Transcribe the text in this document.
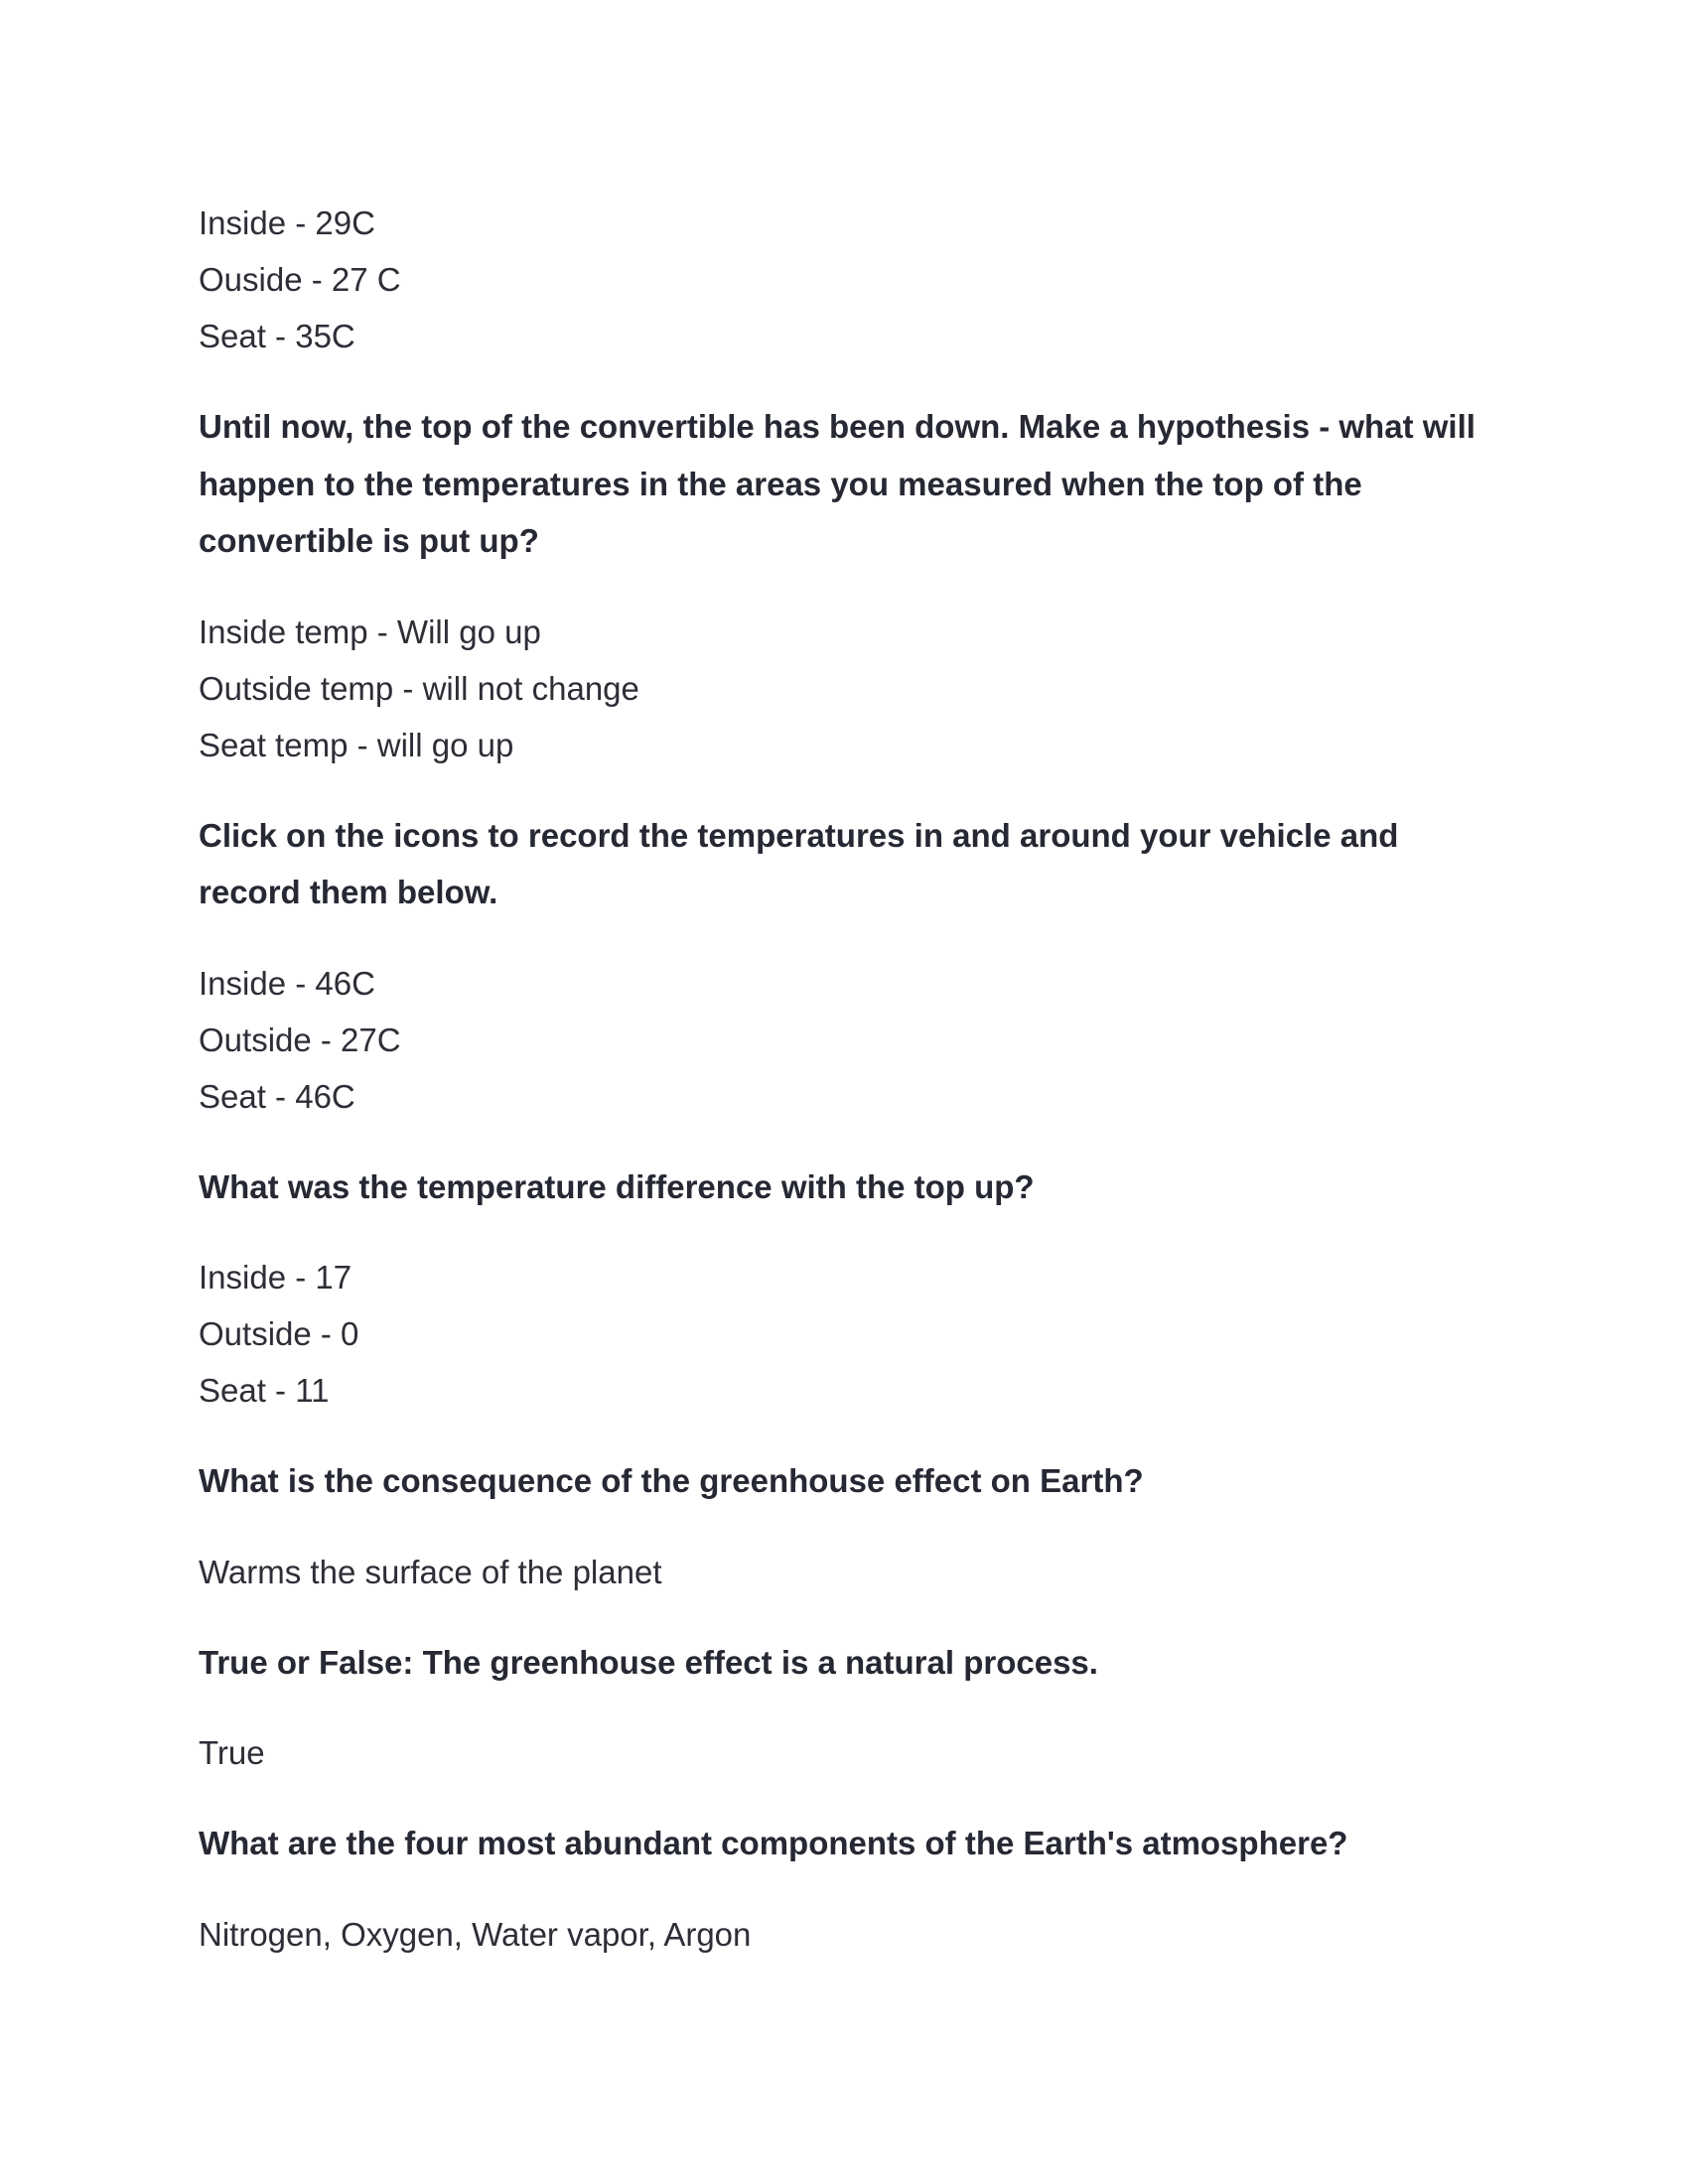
Inside - 29C
Ouside - 27 C
Seat - 35C

Until now, the top of the convertible has been down. Make a hypothesis - what will happen to the temperatures in the areas you measured when the top of the convertible is put up?

Inside temp - Will go up
Outside temp - will not change
Seat temp - will go up

Click on the icons to record the temperatures in and around your vehicle and record them below.

Inside - 46C
Outside - 27C
Seat - 46C

What was the temperature difference with the top up?

Inside - 17
Outside - 0
Seat - 11

What is the consequence of the greenhouse effect on Earth?

Warms the surface of the planet

True or False: The greenhouse effect is a natural process.

True

What are the four most abundant components of the Earth's atmosphere?

Nitrogen, Oxygen, Water vapor, Argon
